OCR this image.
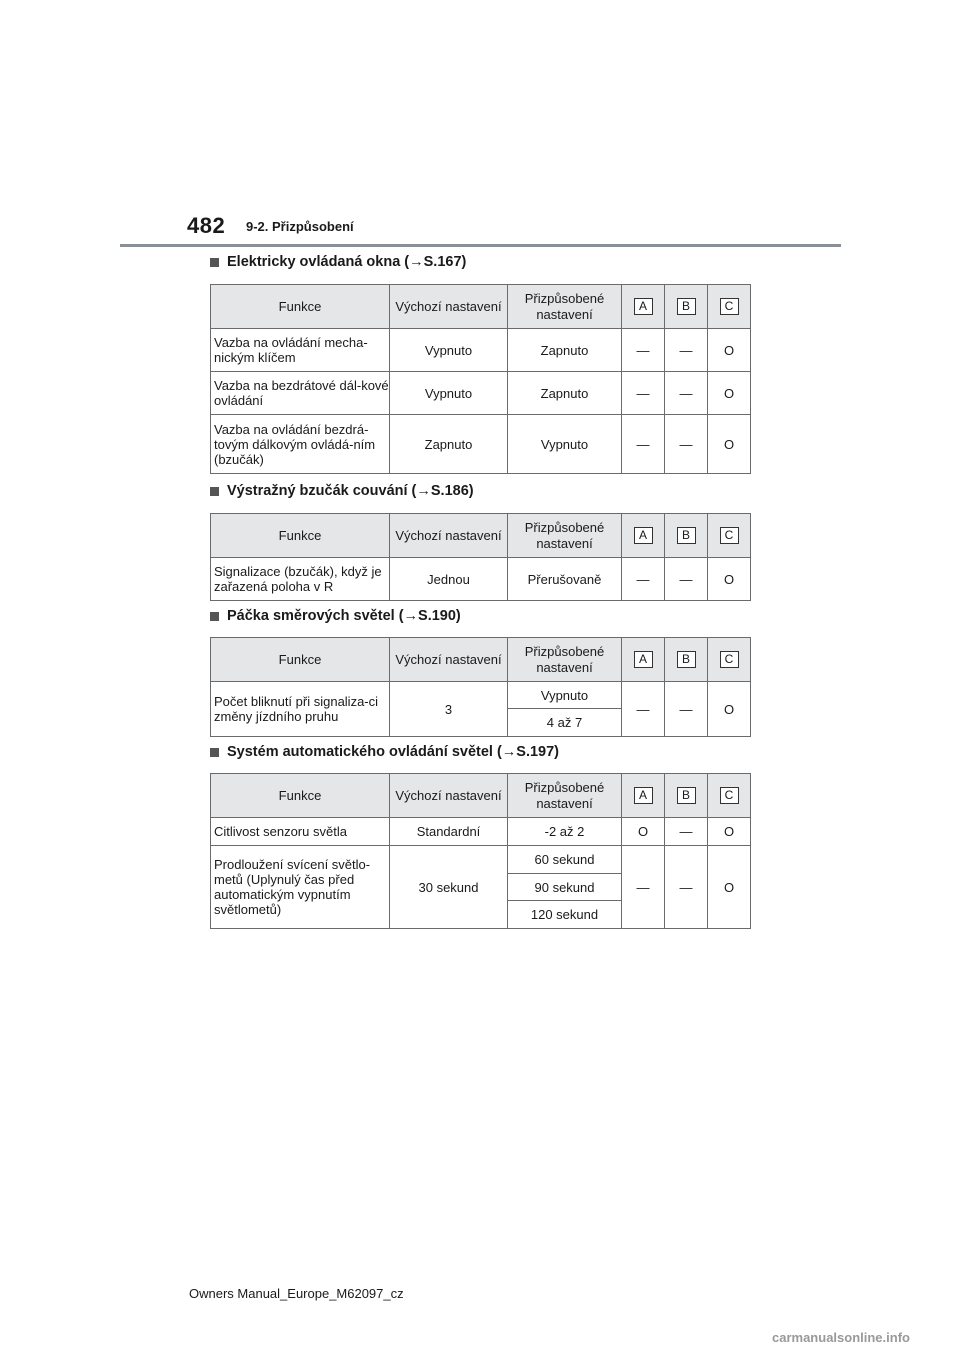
482 9-2. Přizpůsobení
Elektricky ovládaná okna (→S.167)
Funkce	Výchozí nastavení	Přizpůsobené nastavení	A	B	C
Vazba na ovládání mecha-nickým klíčem	Vypnuto	Zapnuto	—	—	O
Vazba na bezdrátové dál-kové ovládání	Vypnuto	Zapnuto	—	—	O
Vazba na ovládání bezdrá-tovým dálkovým ovládá-ním (bzučák)	Zapnuto	Vypnuto	—	—	O
Výstražný bzučák couvání (→S.186)
Funkce	Výchozí nastavení	Přizpůsobené nastavení	A	B	C
Signalizace (bzučák), když je zařazená poloha v R	Jednou	Přerušovaně	—	—	O
Páčka směrových světel (→S.190)
Funkce	Výchozí nastavení	Přizpůsobené nastavení	A	B	C
Počet bliknutí při signaliza-ci změny jízdního pruhu	3	Vypnuto	—	—	O
		4 až 7			
Systém automatického ovládání světel (→S.197)
Funkce	Výchozí nastavení	Přizpůsobené nastavení	A	B	C
Citlivost senzoru světla	Standardní	-2 až 2	O	—	O
Prodloužení svícení světlo-metů (Uplynulý čas před automatickým vypnutím světlometů)	30 sekund	60 sekund	—	—	O
		90 sekund			
		120 sekund			
Owners Manual_Europe_M62097_cz
carmanualsonline.info
